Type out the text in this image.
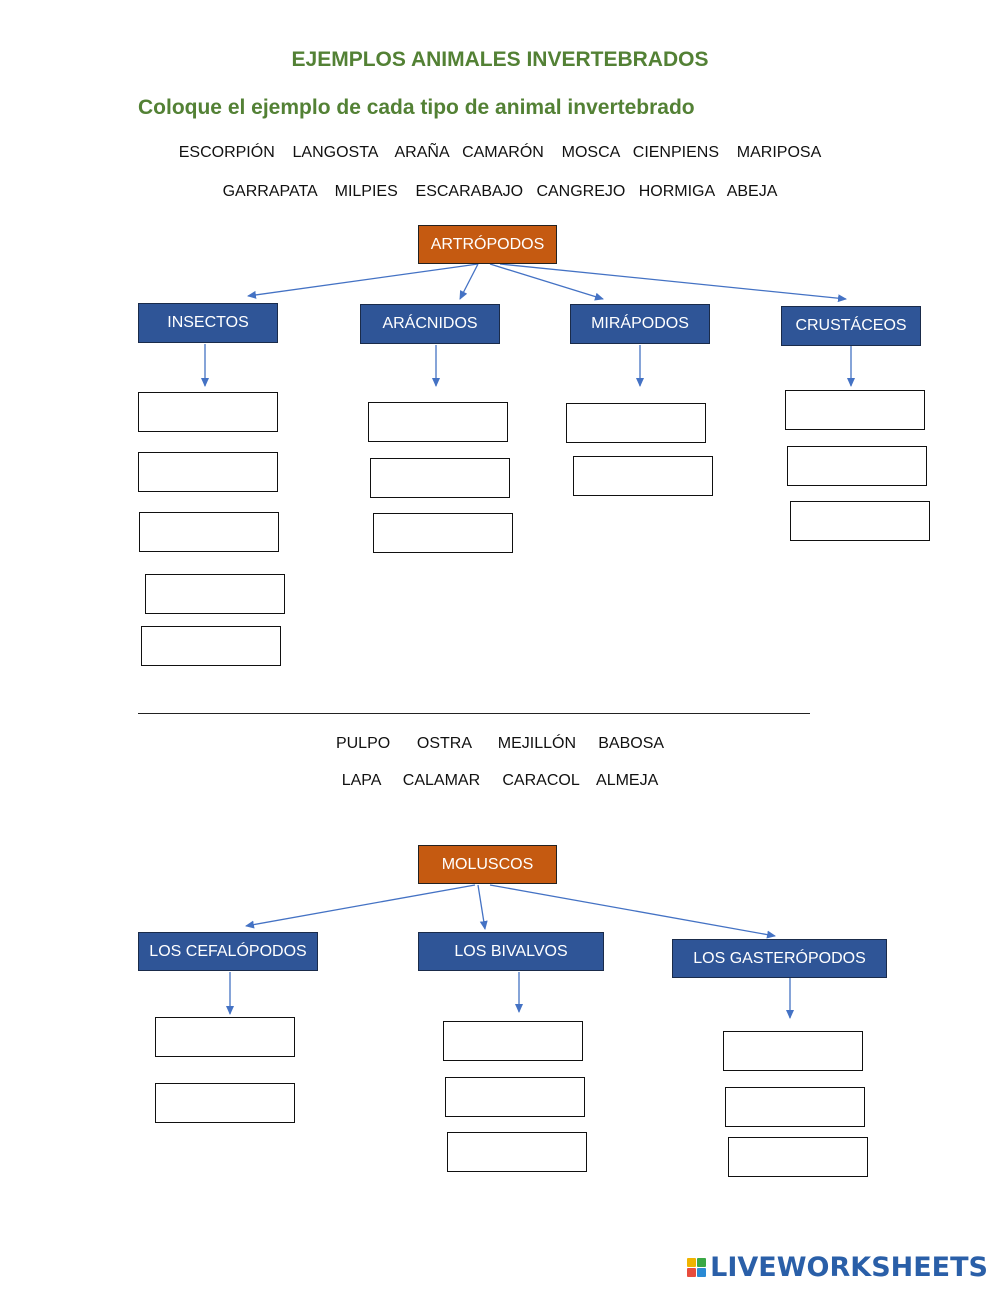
EJEMPLOS ANIMALES INVERTEBRADOS
Coloque el ejemplo de cada tipo de animal invertebrado
ESCORPIÓN    LANGOSTA    ARAÑA   CAMARÓN    MOSCA   CIENPIENS    MARIPOSA
GARRAPATA    MILPIES    ESCARABAJO   CANGREJO   HORMIGA   ABEJA
ARTRÓPODOS
INSECTOS	ARÁCNIDOS	MIRÁPODOS	CRUSTÁCEOS
PULPO      OSTRA      MEJILLÓN     BABOSA
LAPA     CALAMAR     CARACOL    ALMEJA
MOLUSCOS
LOS CEFALÓPODOS	LOS BIVALVOS	LOS GASTERÓPODOS
LIVEWORKSHEETS
